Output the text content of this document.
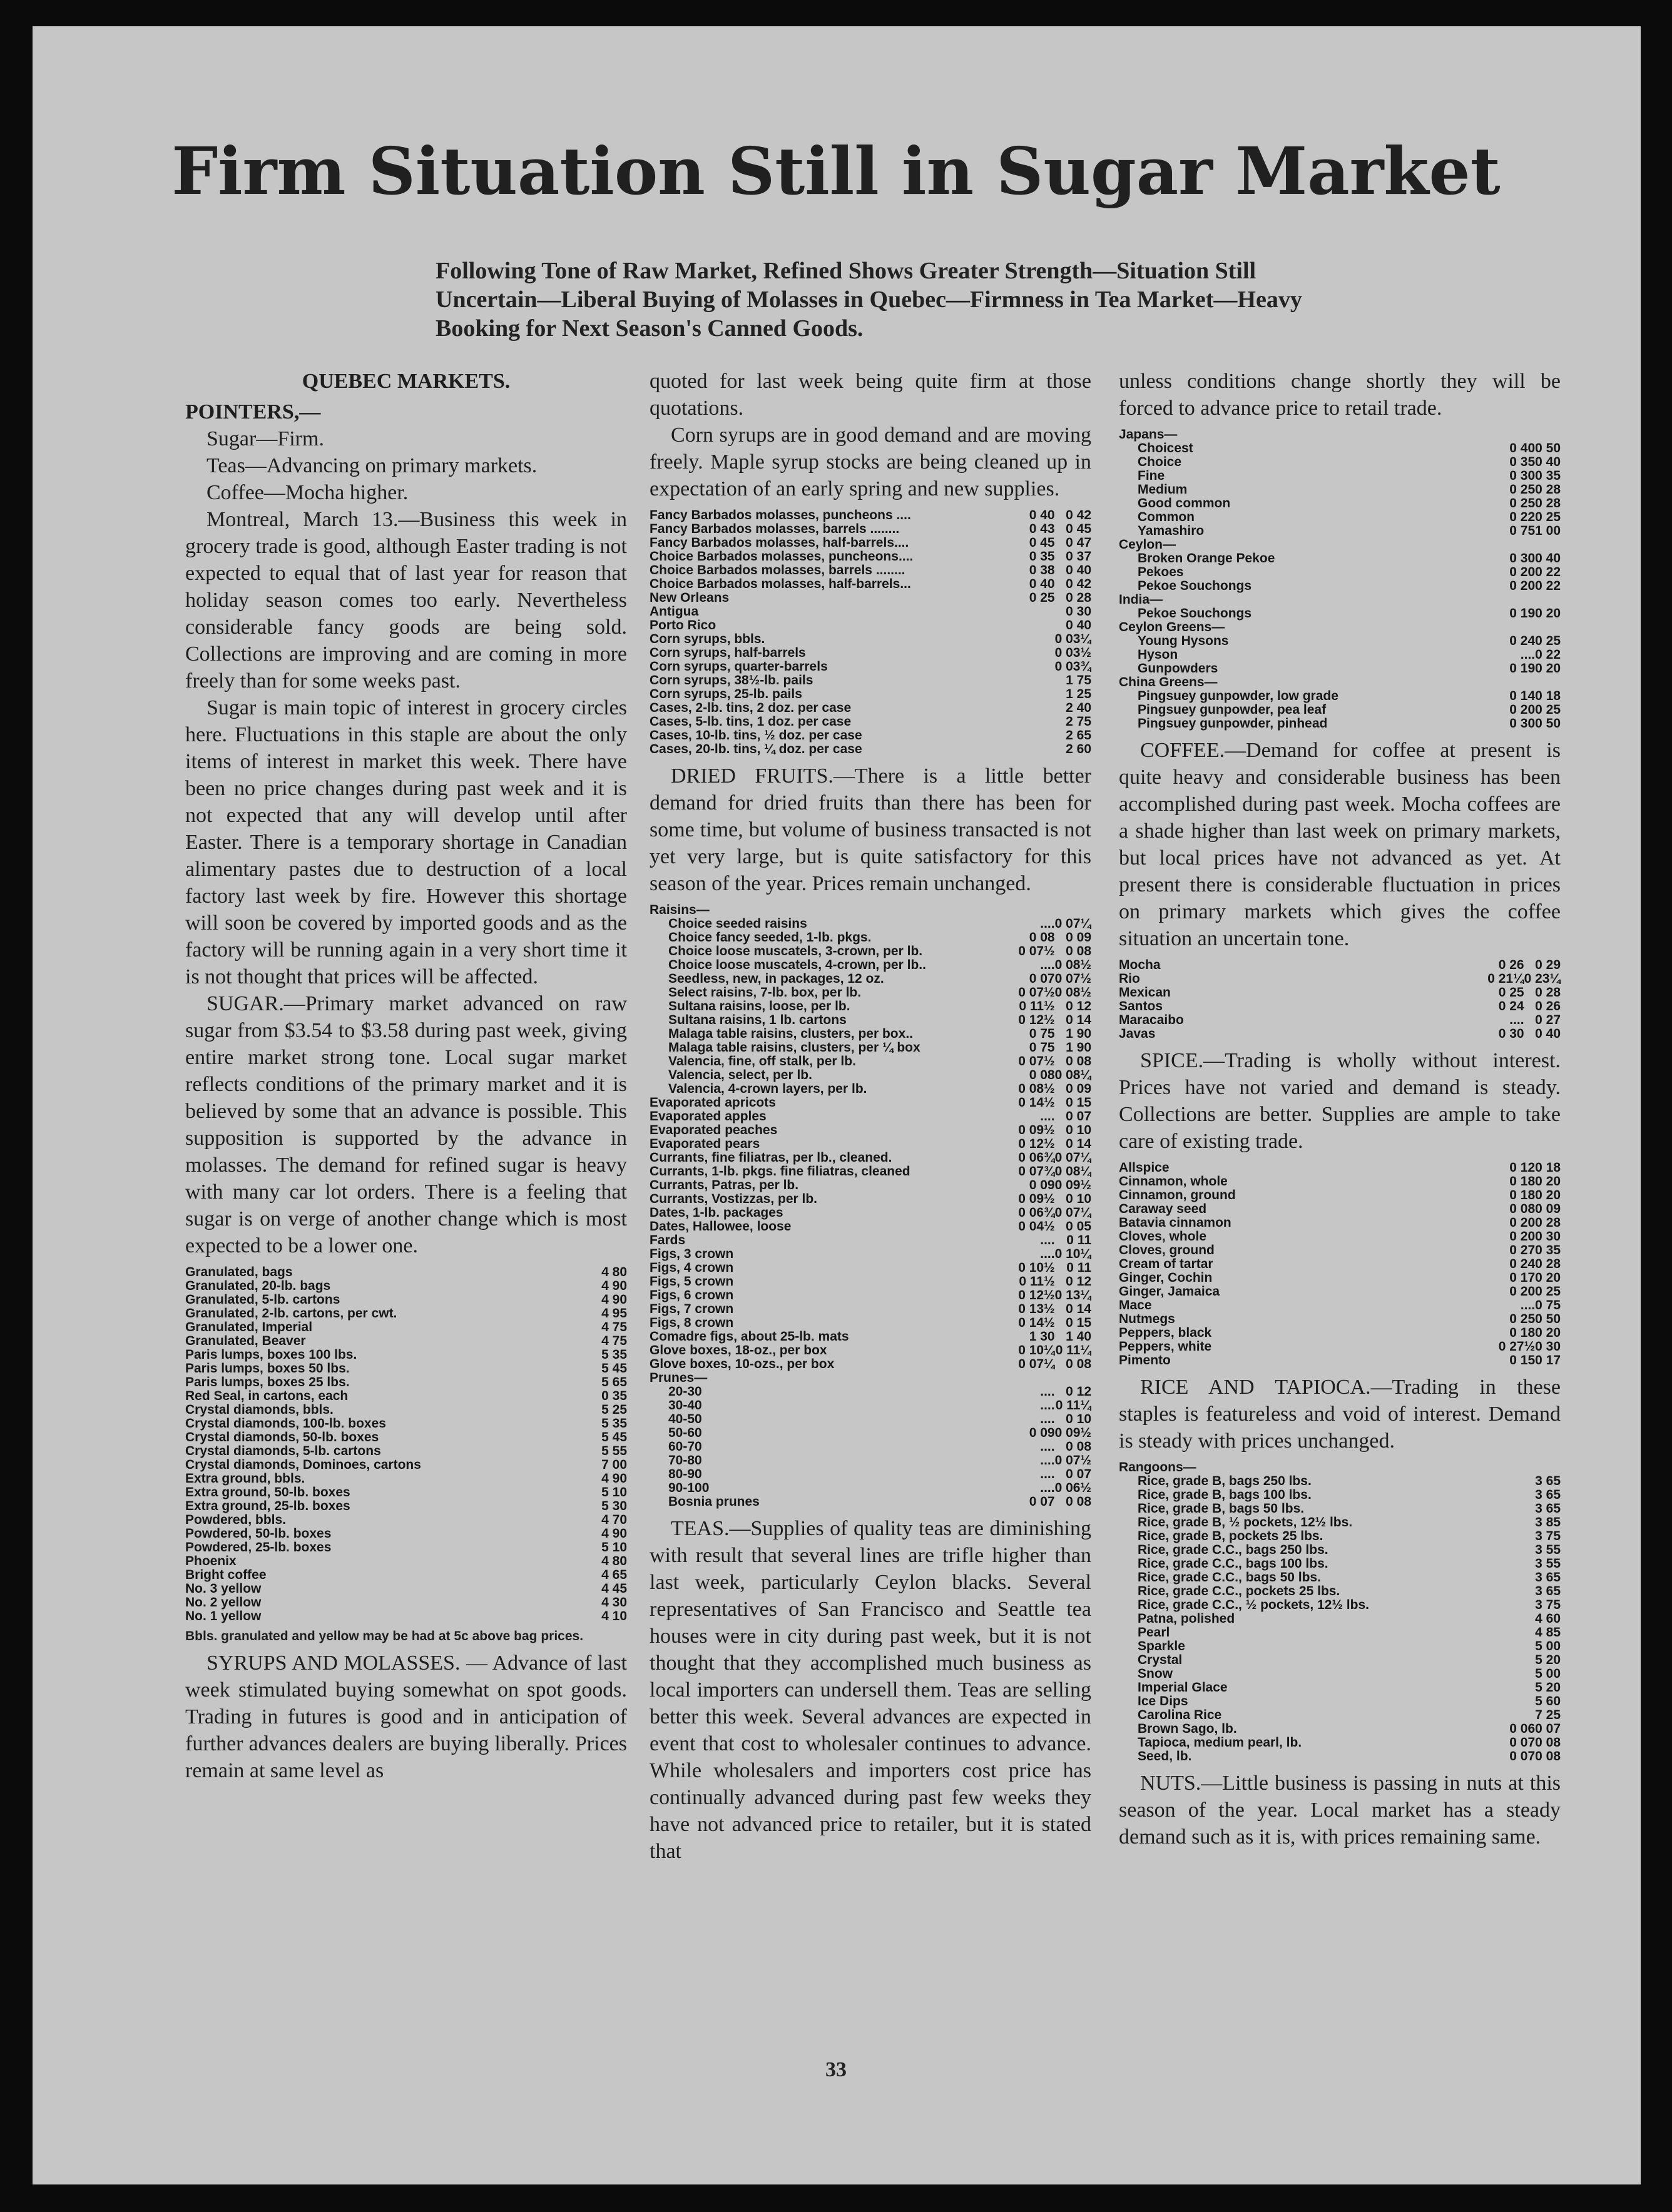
Firm Situation Still in Sugar Market
Following Tone of Raw Market, Refined Shows Greater Strength—Situation Still Uncertain—Liberal Buying of Molasses in Quebec—Firmness in Tea Market—Heavy Booking for Next Season's Canned Goods.
QUEBEC MARKETS.
POINTERS,—

Sugar—Firm.

Teas—Advancing on primary markets.

Coffee—Mocha higher.

Montreal, March 13.—Business this week in grocery trade is good, although Easter trading is not expected to equal that of last year for reason that holiday season comes too early. Nevertheless considerable fancy goods are being sold. Collections are improving and are coming in more freely than for some weeks past.

Sugar is main topic of interest in grocery circles here. Fluctuations in this staple are about the only items of interest in market this week. There have been no price changes during past week and it is not expected that any will develop until after Easter. There is a temporary shortage in Canadian alimentary pastes due to destruction of a local factory last week by fire. However this shortage will soon be covered by imported goods and as the factory will be running again in a very short time it is not thought that prices will be affected.

SUGAR.—Primary market advanced on raw sugar from $3.54 to $3.58 during past week, giving entire market strong tone. Local sugar market reflects conditions of the primary market and it is believed by some that an advance is possible. This supposition is supported by the advance in molasses. The demand for refined sugar is heavy with many car lot orders. There is a feeling that sugar is on verge of another change which is most expected to be a lower one.

Granulated, bags	4 80
Granulated, 20-lb. bags	4 90
Granulated, 5-lb. cartons	4 90
Granulated, 2-lb. cartons, per cwt.	4 95
Granulated, Imperial	4 75
Granulated, Beaver	4 75
Paris lumps, boxes 100 lbs.	5 35
Paris lumps, boxes 50 lbs.	5 45
Paris lumps, boxes 25 lbs.	5 65
Red Seal, in cartons, each	0 35
Crystal diamonds, bbls.	5 25
Crystal diamonds, 100-lb. boxes	5 35
Crystal diamonds, 50-lb. boxes	5 45
Crystal diamonds, 5-lb. cartons	5 55
Crystal diamonds, Dominoes, cartons	7 00
Extra ground, bbls.	4 90
Extra ground, 50-lb. boxes	5 10
Extra ground, 25-lb. boxes	5 30
Powdered, bbls.	4 70
Powdered, 50-lb. boxes	4 90
Powdered, 25-lb. boxes	5 10
Phoenix	4 80
Bright coffee	4 65
No. 3 yellow	4 45
No. 2 yellow	4 30
No. 1 yellow	4 10
Bbls. granulated and yellow may be had at 5c above bag prices.

SYRUPS AND MOLASSES. — Advance of last week stimulated buying somewhat on spot goods. Trading in futures is good and in anticipation of further advances dealers are buying liberally. Prices remain at same level as

quoted for last week being quite firm at those quotations.

Corn syrups are in good demand and are moving freely. Maple syrup stocks are being cleaned up in expectation of an early spring and new supplies.

Fancy Barbados molasses, puncheons ....	0 40	0 42
Fancy Barbados molasses, barrels ........	0 43	0 45
Fancy Barbados molasses, half-barrels....	0 45	0 47
Choice Barbados molasses, puncheons....	0 35	0 37
Choice Barbados molasses, barrels ........	0 38	0 40
Choice Barbados molasses, half-barrels...	0 40	0 42
New Orleans	0 25	0 28
Antigua		0 30
Porto Rico		0 40
Corn syrups, bbls.		0 03¼
Corn syrups, half-barrels		0 03½
Corn syrups, quarter-barrels		0 03¾
Corn syrups, 38½-lb. pails		1 75
Corn syrups, 25-lb. pails		1 25
Cases, 2-lb. tins, 2 doz. per case		2 40
Cases, 5-lb. tins, 1 doz. per case		2 75
Cases, 10-lb. tins, ½ doz. per case		2 65
Cases, 20-lb. tins, ¼ doz. per case		2 60

DRIED FRUITS.—There is a little better demand for dried fruits than there has been for some time, but volume of business transacted is not yet very large, but is quite satisfactory for this season of the year. Prices remain unchanged.

Raisins—		
Choice seeded raisins	....	0 07¼
Choice fancy seeded, 1-lb. pkgs.	0 08	0 09
Choice loose muscatels, 3-crown, per lb.	0 07½	0 08
Choice loose muscatels, 4-crown, per lb..	....	0 08½
Seedless, new, in packages, 12 oz.	0 07	0 07½
Select raisins, 7-lb. box, per lb.	0 07½	0 08½
Sultana raisins, loose, per lb.	0 11½	0 12
Sultana raisins, 1 lb. cartons	0 12½	0 14
Malaga table raisins, clusters, per box..	0 75	1 90
Malaga table raisins, clusters, per ¼ box	0 75	1 90
Valencia, fine, off stalk, per lb.	0 07½	0 08
Valencia, select, per lb.	0 08	0 08¼
Valencia, 4-crown layers, per lb.	0 08½	0 09
Evaporated apricots	0 14½	0 15
Evaporated apples	....	0 07
Evaporated peaches	0 09½	0 10
Evaporated pears	0 12½	0 14
Currants, fine filiatras, per lb., cleaned.	0 06¾	0 07¼
Currants, 1-lb. pkgs. fine filiatras, cleaned	0 07¾	0 08¼
Currants, Patras, per lb.	0 09	0 09½
Currants, Vostizzas, per lb.	0 09½	0 10
Dates, 1-lb. packages	0 06¾	0 07¼
Dates, Hallowee, loose	0 04½	0 05
Fards	....	0 11
Figs, 3 crown	....	0 10¼
Figs, 4 crown	0 10½	0 11
Figs, 5 crown	0 11½	0 12
Figs, 6 crown	0 12½	0 13¼
Figs, 7 crown	0 13½	0 14
Figs, 8 crown	0 14½	0 15
Comadre figs, about 25-lb. mats	1 30	1 40
Glove boxes, 18-oz., per box	0 10¼	0 11¼
Glove boxes, 10-ozs., per box	0 07¼	0 08
Prunes—		
20-30	....	0 12
30-40	....	0 11¼
40-50	....	0 10
50-60	0 09	0 09½
60-70	....	0 08
70-80	....	0 07½
80-90	....	0 07
90-100	....	0 06½
Bosnia prunes	0 07	0 08

TEAS.—Supplies of quality teas are diminishing with result that several lines are trifle higher than last week, particularly Ceylon blacks. Several representatives of San Francisco and Seattle tea houses were in city during past week, but it is not thought that they accomplished much business as local importers can undersell them. Teas are selling better this week. Several advances are expected in event that cost to wholesaler continues to advance. While wholesalers and importers cost price has continually advanced during past few weeks they have not advanced price to retailer, but it is stated that

unless conditions change shortly they will be forced to advance price to retail trade.

Japans—		
Choicest	0 40	0 50
Choice	0 35	0 40
Fine	0 30	0 35
Medium	0 25	0 28
Good common	0 25	0 28
Common	0 22	0 25
Yamashiro	0 75	1 00
Ceylon—		
Broken Orange Pekoe	0 30	0 40
Pekoes	0 20	0 22
Pekoe Souchongs	0 20	0 22
India—		
Pekoe Souchongs	0 19	0 20
Ceylon Greens—		
Young Hysons	0 24	0 25
Hyson	....	0 22
Gunpowders	0 19	0 20
China Greens—		
Pingsuey gunpowder, low grade	0 14	0 18
Pingsuey gunpowder, pea leaf	0 20	0 25
Pingsuey gunpowder, pinhead	0 30	0 50

COFFEE.—Demand for coffee at present is quite heavy and considerable business has been accomplished during past week. Mocha coffees are a shade higher than last week on primary markets, but local prices have not advanced as yet. At present there is considerable fluctuation in prices on primary markets which gives the coffee situation an uncertain tone.

Mocha	0 26	0 29
Rio	0 21¼	0 23¼
Mexican	0 25	0 28
Santos	0 24	0 26
Maracaibo	....	0 27
Javas	0 30	0 40

SPICE.—Trading is wholly without interest. Prices have not varied and demand is steady. Collections are better. Supplies are ample to take care of existing trade.

Allspice	0 12	0 18
Cinnamon, whole	0 18	0 20
Cinnamon, ground	0 18	0 20
Caraway seed	0 08	0 09
Batavia cinnamon	0 20	0 28
Cloves, whole	0 20	0 30
Cloves, ground	0 27	0 35
Cream of tartar	0 24	0 28
Ginger, Cochin	0 17	0 20
Ginger, Jamaica	0 20	0 25
Mace	....	0 75
Nutmegs	0 25	0 50
Peppers, black	0 18	0 20
Peppers, white	0 27½	0 30
Pimento	0 15	0 17

RICE AND TAPIOCA.—Trading in these staples is featureless and void of interest. Demand is steady with prices unchanged.

Rangoons—		
Rice, grade B, bags 250 lbs.		3 65
Rice, grade B, bags 100 lbs.		3 65
Rice, grade B, bags 50 lbs.		3 65
Rice, grade B, ½ pockets, 12½ lbs.		3 85
Rice, grade B, pockets 25 lbs.		3 75
Rice, grade C.C., bags 250 lbs.		3 55
Rice, grade C.C., bags 100 lbs.		3 55
Rice, grade C.C., bags 50 lbs.		3 65
Rice, grade C.C., pockets 25 lbs.		3 65
Rice, grade C.C., ½ pockets, 12½ lbs.		3 75
Patna, polished		4 60
Pearl		4 85
Sparkle		5 00
Crystal		5 20
Snow		5 00
Imperial Glace		5 20
Ice Dips		5 60
Carolina Rice		7 25
Brown Sago, lb.	0 06	0 07
Tapioca, medium pearl, lb.	0 07	0 08
Seed, lb.	0 07	0 08

NUTS.—Little business is passing in nuts at this season of the year. Local market has a steady demand such as it is, with prices remaining same.

33
